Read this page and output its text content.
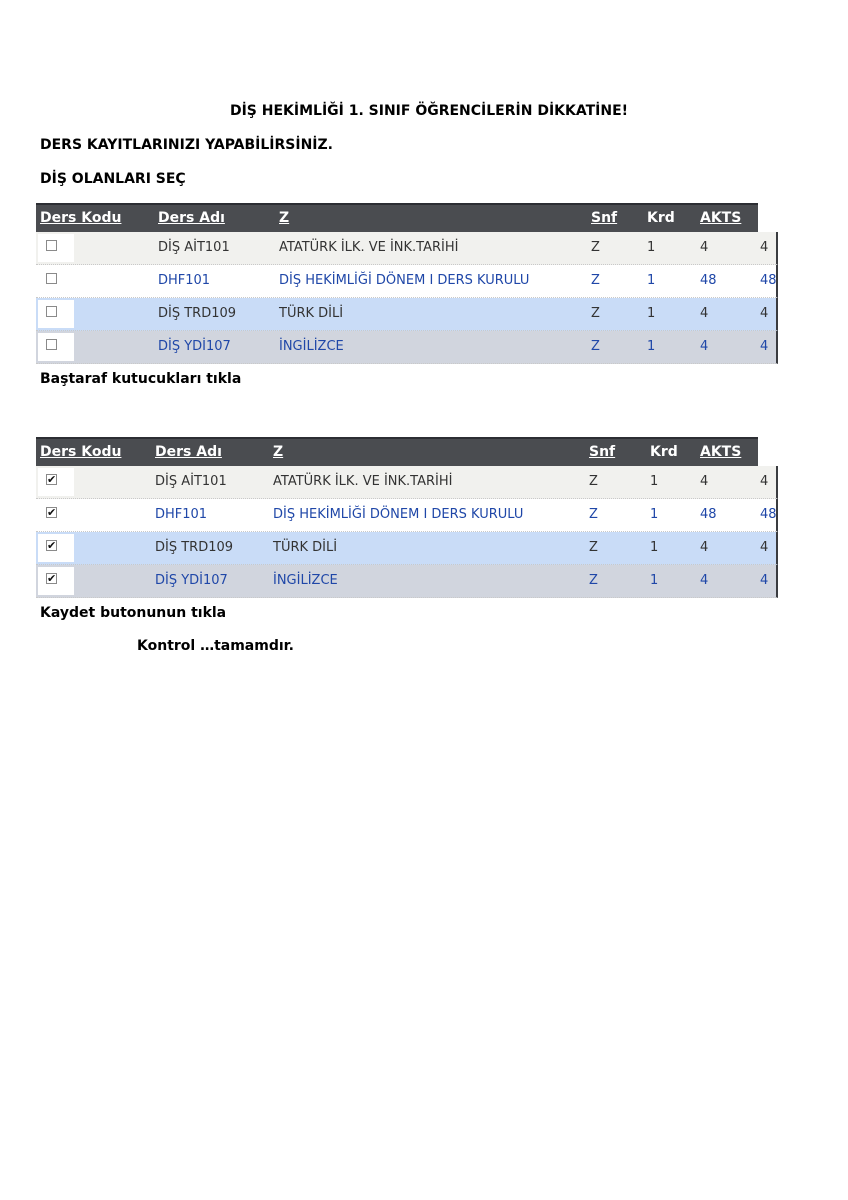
DİŞ HEKİMLİĞİ 1. SINIF ÖĞRENCİLERİN DİKKATİNE!
DERS KAYITLARINIZI YAPABİLİRSİNİZ.
DİŞ OLANLARI SEÇ
Ders Kodu	Ders Adı	Z	Snf Krd AKTS
DİŞ AİT101	ATATÜRK İLK. VE İNK.TARİHİ	Z	1	4	4
DHF101	DİŞ HEKİMLİĞİ DÖNEM I DERS KURULU	Z	1	48	48
DİŞ TRD109	TÜRK DİLİ	Z	1	4	4
DİŞ YDİ107	İNGİLİZCE	Z	1	4	4
Baştaraf kutucukları tıkla
Ders Kodu Ders Adı	Z	Snf Krd AKTS
✔	DİŞ AİT101	ATATÜRK İLK. VE İNK.TARİHİ	Z	1	4	4
✔	DHF101	DİŞ HEKİMLİĞİ DÖNEM I DERS KURULU	Z	1	48	48
✔	DİŞ TRD109	TÜRK DİLİ	Z	1	4	4
✔	DİŞ YDİ107	İNGİLİZCE	Z	1	4	4
Kaydet butonunun tıkla
Kontrol …tamamdır.
